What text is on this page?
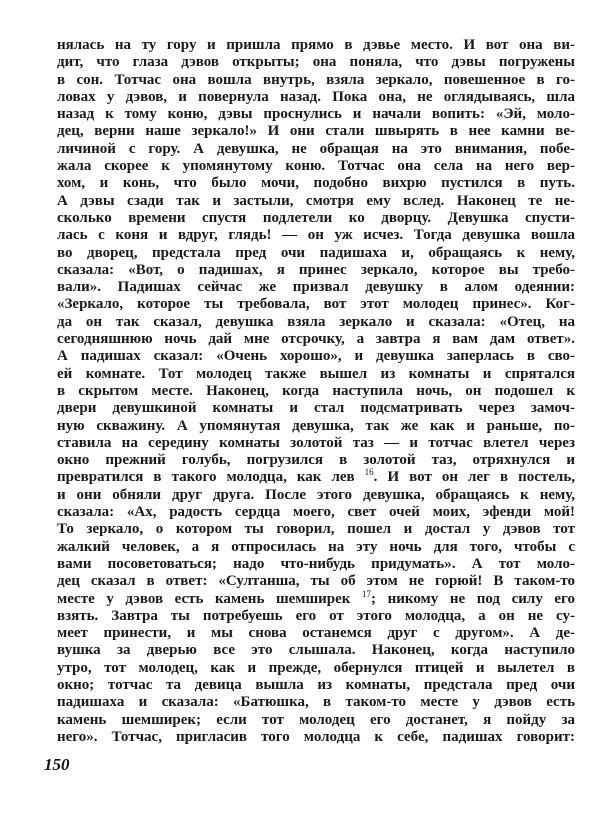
нялась на ту гору и пришла прямо в дэвье место. И вот она ви-
дит, что глаза дэвов открыты; она поняла, что дэвы погружены
в сон. Тотчас она вошла внутрь, взяла зеркало, повешенное в го-
ловах у дэвов, и повернула назад. Пока она, не оглядываясь, шла
назад к тому коню, дэвы проснулись и начали вопить: «Эй, моло-
дец, верни наше зеркало!» И они стали швырять в нее камни ве-
личиной с гору. А девушка, не обращая на это внимания, побе-
жала скорее к упомянутому коню. Тотчас она села на него вер-
хом, и конь, что было мочи, подобно вихрю пустился в путь.
А дэвы сзади так и застыли, смотря ему вслед. Наконец те не-
сколько времени спустя подлетели ко дворцу. Девушка спусти-
лась с коня и вдруг, глядь! — он уж исчез. Тогда девушка вошла
во дворец, предстала пред очи падишаха и, обращаясь к нему,
сказала: «Вот, о падишах, я принес зеркало, которое вы требо-
вали». Падишах сейчас же призвал девушку в алом одеянии:
«Зеркало, которое ты требовала, вот этот молодец принес». Ког-
да он так сказал, девушка взяла зеркало и сказала: «Отец, на
сегодняшнюю ночь дай мне отсрочку, а завтра я вам дам ответ».
А падишах сказал: «Очень хорошо», и девушка заперлась в сво-
ей комнате. Тот молодец также вышел из комнаты и спрятался
в скрытом месте. Наконец, когда наступила ночь, он подошел к
двери девушкиной комнаты и стал подсматривать через замоч-
ную скважину. А упомянутая девушка, так же как и раньше, по-
ставила на середину комнаты золотой таз — и тотчас влетел через
окно прежний голубь, погрузился в золотой таз, отряхнулся и
превратился в такого молодца, как лев $^{16}$. И вот он лег в постель,
и они обняли друг друга. После этого девушка, обращаясь к нему,
сказала: «Ах, радость сердца моего, свет очей моих, эфенди мой!
То зеркало, о котором ты говорил, пошел и достал у дэвов тот
жалкий человек, а я отпросилась на эту ночь для того, чтобы с
вами посоветоваться; надо что-нибудь придумать». А тот моло-
дец сказал в ответ: «Султанша, ты об этом не горюй! В таком-то
месте у дэвов есть камень шемширек $^{17}$; никому не под силу его
взять. Завтра ты потребуешь его от этого молодца, а он не су-
меет принести, и мы снова останемся друг с другом». А де-
вушка за дверью все это слышала. Наконец, когда наступило
утро, тот молодец, как и прежде, обернулся птицей и вылетел в
окно; тотчас та девица вышла из комнаты, предстала пред очи
падишаха и сказала: «Батюшка, в таком-то месте у дэвов есть
камень шемширек; если тот молодец его достанет, я пойду за
него». Тотчас, пригласив того молодца к себе, падишах говорит:
150
